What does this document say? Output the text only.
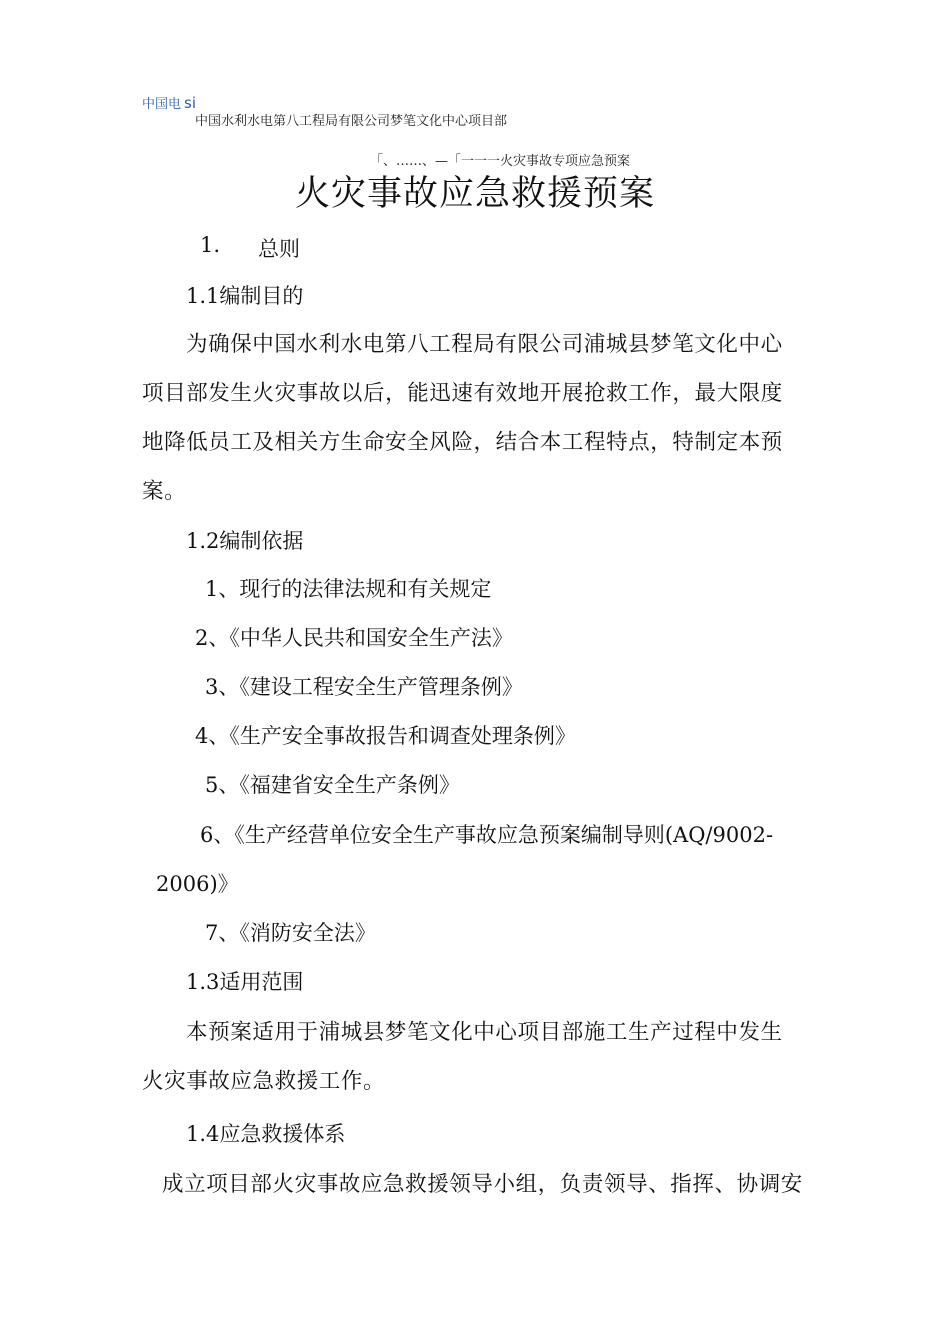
中国电 si
中国水利水电第八工程局有限公司梦笔文化中心项目部
「、……、—「一一一火灾事故专项应急预案
火灾事故应急救援预案
1. 总则
1.1编制目的
为确保中国水利水电第八工程局有限公司浦城县梦笔文化中心
项目部发生火灾事故以后，能迅速有效地开展抢救工作，最大限度
地降低员工及相关方生命安全风险，结合本工程特点，特制定本预
案。
1.2编制依据
1、现行的法律法规和有关规定
2、《中华人民共和国安全生产法》
3、《建设工程安全生产管理条例》
4、《生产安全事故报告和调查处理条例》
5、《福建省安全生产条例》
6、《生产经营单位安全生产事故应急预案编制导则(AQ/9002-
2006)》
7、《消防安全法》
1.3适用范围
本预案适用于浦城县梦笔文化中心项目部施工生产过程中发生
火灾事故应急救援工作。
1.4应急救援体系
成立项目部火灾事故应急救援领导小组，负责领导、指挥、协调安
